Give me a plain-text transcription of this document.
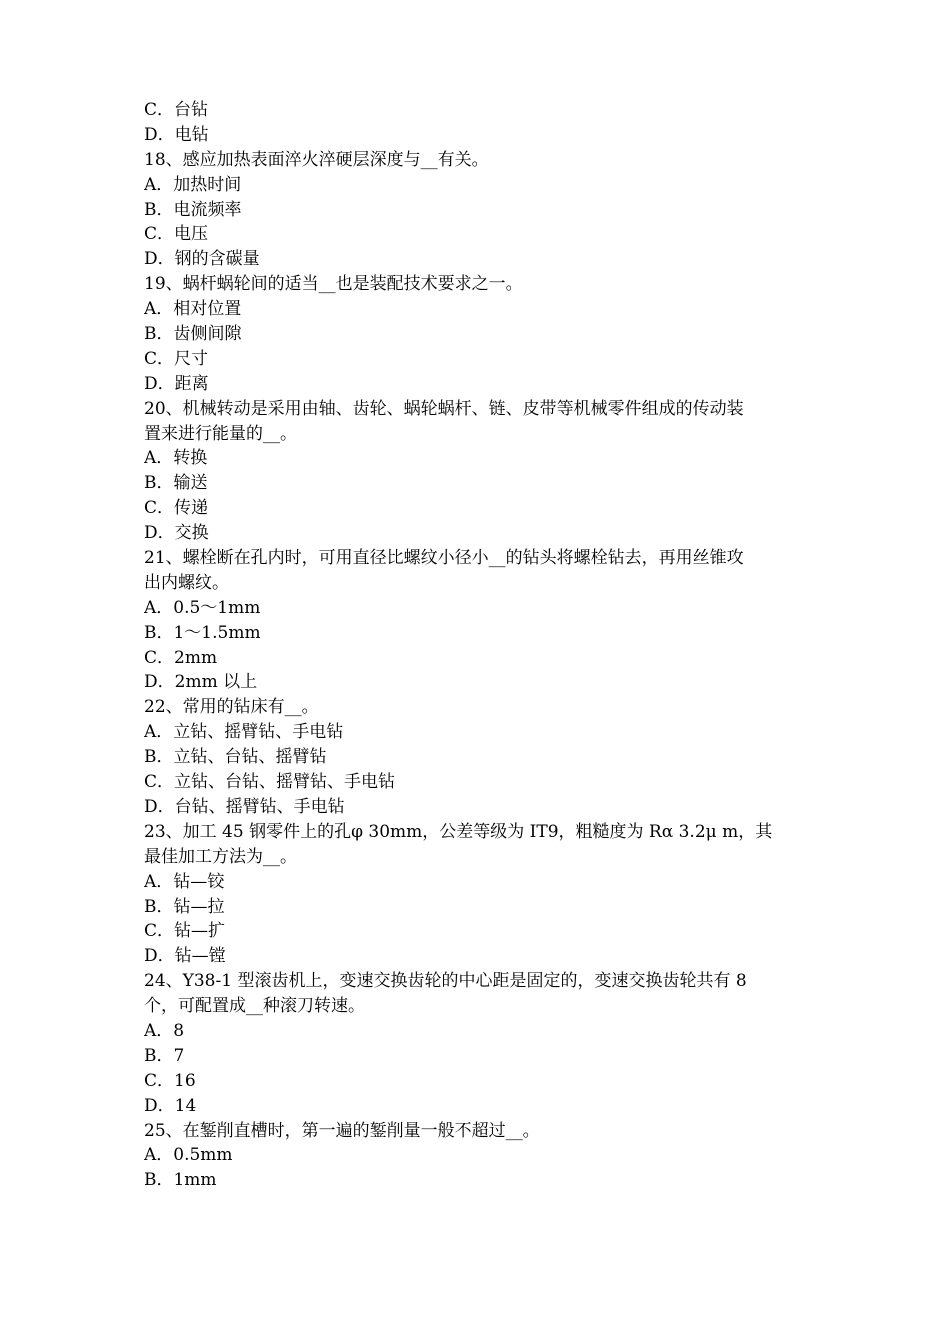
C．台钻
D．电钻
18、感应加热表面淬火淬硬层深度与__有关。
A．加热时间
B．电流频率
C．电压
D．钢的含碳量
19、蜗杆蜗轮间的适当__也是装配技术要求之一。
A．相对位置
B．齿侧间隙
C．尺寸
D．距离
20、机械转动是采用由轴、齿轮、蜗轮蜗杆、链、皮带等机械零件组成的传动装
置来进行能量的__。
A．转换
B．输送
C．传递
D．交换
21、螺栓断在孔内时，可用直径比螺纹小径小__的钻头将螺栓钻去，再用丝锥攻
出内螺纹。
A．0.5～1mm
B．1～1.5mm
C．2mm
D．2mm 以上
22、常用的钻床有__。
A．立钻、摇臂钻、手电钻
B．立钻、台钻、摇臂钻
C．立钻、台钻、摇臂钻、手电钻
D．台钻、摇臂钻、手电钻
23、加工 45 钢零件上的孔φ 30mm，公差等级为 IT9，粗糙度为 Rα 3.2μ m，其
最佳加工方法为__。
A．钻—铰
B．钻—拉
C．钻—扩
D．钻—镗
24、Y38-1 型滚齿机上，变速交换齿轮的中心距是固定的，变速交换齿轮共有 8
个，可配置成__种滚刀转速。
A．8
B．7
C．16
D．14
25、在錾削直槽时，第一遍的錾削量一般不超过__。
A．0.5mm
B．1mm
